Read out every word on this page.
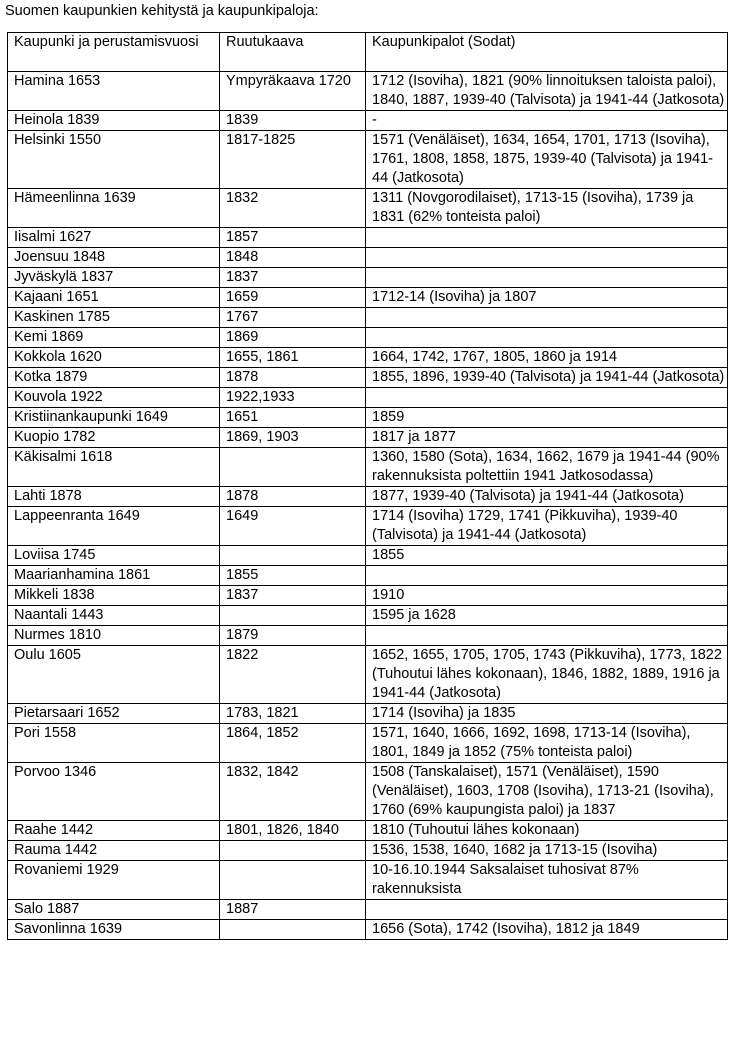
Suomen kaupunkien kehitystä ja kaupunkipaloja:
Kaupunki ja perustamisvuosi	Ruutukaava	Kaupunkipalot (Sodat)
Hamina 1653	Ympyräkaava 1720	1712 (Isoviha), 1821 (90% linnoituksen taloista paloi), 1840, 1887, 1939-40 (Talvisota) ja 1941-44 (Jatkosota)
Heinola 1839	1839	-
Helsinki 1550	1817-1825	1571 (Venäläiset), 1634, 1654, 1701, 1713 (Isoviha), 1761, 1808, 1858, 1875, 1939-40 (Talvisota) ja 1941-44 (Jatkosota)
Hämeenlinna 1639	1832	1311 (Novgorodilaiset), 1713-15 (Isoviha), 1739 ja 1831 (62% tonteista paloi)
Iisalmi 1627	1857	
Joensuu 1848	1848	
Jyväskylä 1837	1837	
Kajaani 1651	1659	1712-14 (Isoviha) ja 1807
Kaskinen 1785	1767	
Kemi 1869	1869	
Kokkola 1620	1655, 1861	1664, 1742, 1767, 1805, 1860 ja 1914
Kotka 1879	1878	1855, 1896, 1939-40 (Talvisota) ja 1941-44 (Jatkosota)
Kouvola 1922	1922,1933	
Kristiinankaupunki 1649	1651	1859
Kuopio 1782	1869, 1903	1817 ja 1877
Käkisalmi 1618		1360, 1580 (Sota), 1634, 1662, 1679 ja 1941-44 (90% rakennuksista poltettiin 1941 Jatkosodassa)
Lahti 1878	1878	1877, 1939-40 (Talvisota) ja 1941-44 (Jatkosota)
Lappeenranta 1649	1649	1714 (Isoviha) 1729, 1741 (Pikkuviha), 1939-40 (Talvisota) ja 1941-44 (Jatkosota)
Loviisa 1745		1855
Maarianhamina 1861	1855	
Mikkeli 1838	1837	1910
Naantali 1443		1595 ja 1628
Nurmes 1810	1879	
Oulu 1605	1822	1652, 1655, 1705, 1705, 1743 (Pikkuviha), 1773, 1822 (Tuhoutui lähes kokonaan), 1846, 1882, 1889, 1916 ja 1941-44 (Jatkosota)
Pietarsaari 1652	1783, 1821	1714 (Isoviha) ja 1835
Pori 1558	1864, 1852	1571, 1640, 1666, 1692, 1698, 1713-14 (Isoviha), 1801, 1849 ja 1852 (75% tonteista paloi)
Porvoo 1346	1832, 1842	1508 (Tanskalaiset), 1571 (Venäläiset), 1590 (Venäläiset), 1603, 1708 (Isoviha), 1713-21 (Isoviha), 1760 (69% kaupungista paloi) ja 1837
Raahe 1442	1801, 1826, 1840	1810 (Tuhoutui lähes kokonaan)
Rauma 1442		1536, 1538, 1640, 1682 ja 1713-15 (Isoviha)
Rovaniemi 1929		10-16.10.1944 Saksalaiset tuhosivat 87% rakennuksista
Salo 1887	1887	
Savonlinna 1639		1656 (Sota), 1742 (Isoviha), 1812 ja 1849
